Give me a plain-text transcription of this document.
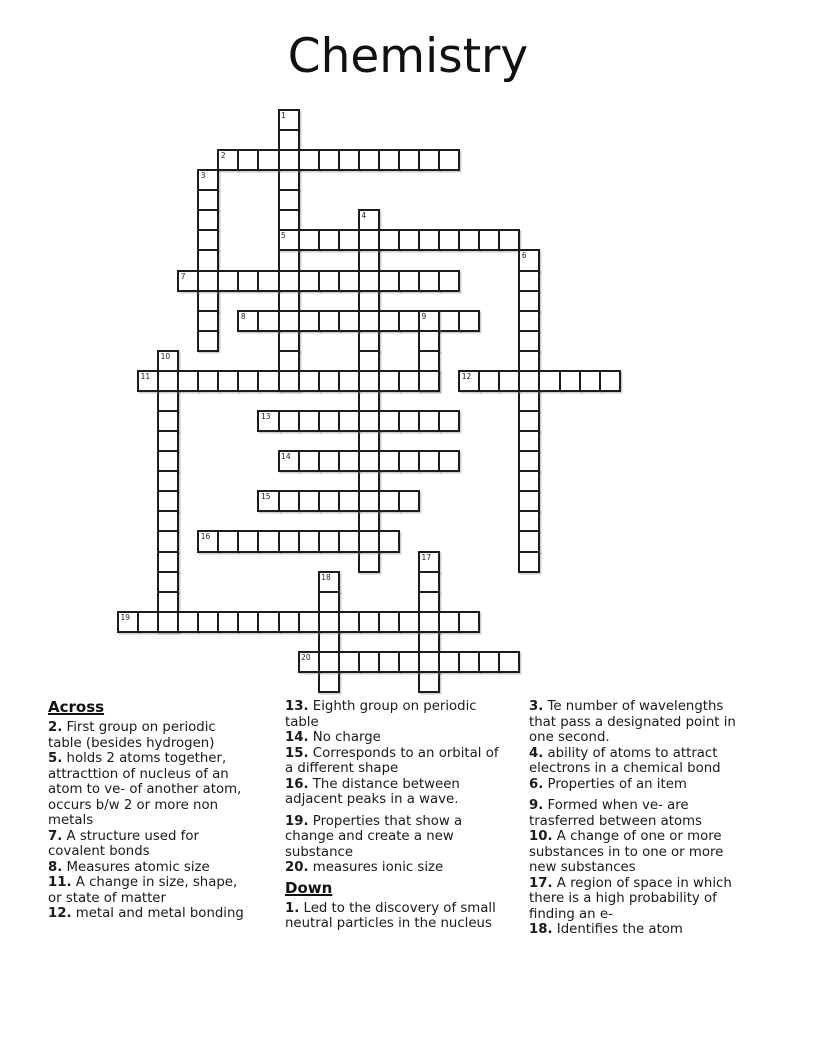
Chemistry
1
2
3
4
5
6
7
8	9
10
11	12
13
14
15
16
17
18
19
20
Across

2. First group on periodic table (besides hydrogen)

5. holds 2 atoms together, attracttion of nucleus of an atom to ve- of another atom, occurs b/w 2 or more non metals

7. A structure used for covalent bonds

8. Measures atomic size

11. A change in size, shape, or state of matter

12. metal and metal bonding

13. Eighth group on periodic table

14. No charge

15. Corresponds to an orbital of a different shape

16. The distance between adjacent peaks in a wave.

19. Properties that show a change and create a new substance

20. measures ionic size

Down

1. Led to the discovery of small neutral particles in the nucleus

3. Te number of wavelengths that pass a designated point in one second.

4. ability of atoms to attract electrons in a chemical bond

6. Properties of an item

9. Formed when ve- are trasferred between atoms

10. A change of one or more substances in to one or more new substances

17. A region of space in which there is a high probability of finding an e-

18. Identifies the atom
